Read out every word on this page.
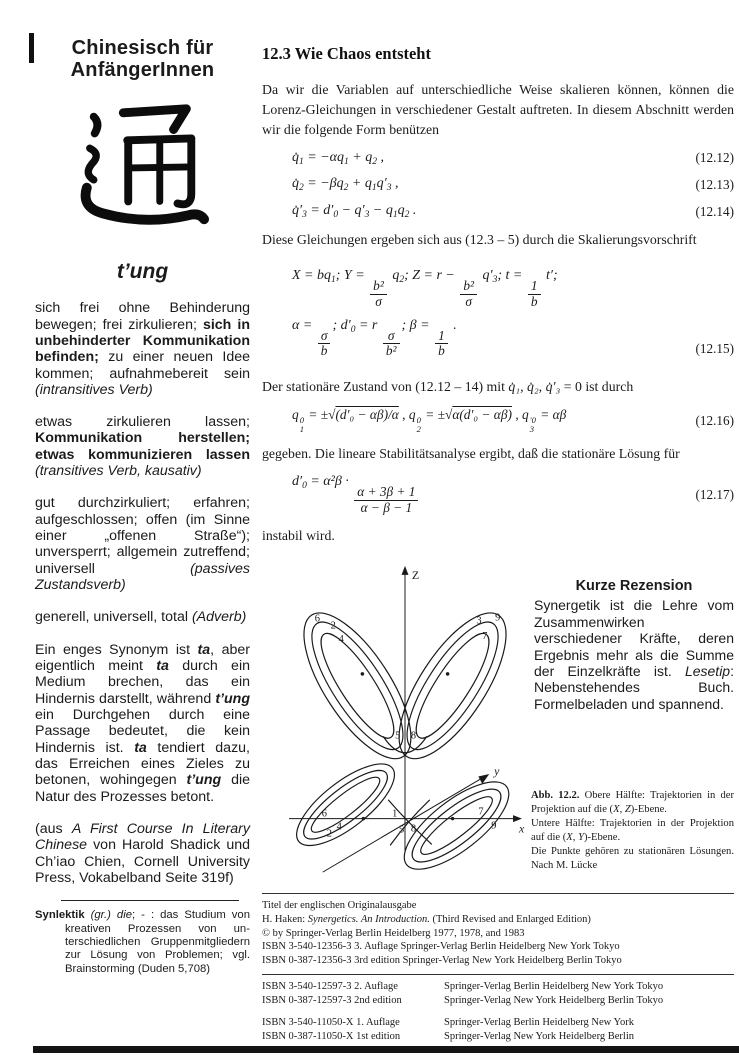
Chinesisch für
AnfängerInnen
t’ung
sich frei ohne Behinderung bewegen; frei zirkulieren; sich in unbehinderter Kommunikation befinden; zu einer neuen Idee kommen; aufnahmebereit sein (intransitives Verb)
etwas zirkulieren lassen; Kommunikation herstellen; etwas kommunizieren lassen (transitives Verb, kausativ)
gut durchzirkuliert; erfahren; aufgeschlossen; offen (im Sinne einer „offenen Straße“); unversperrt; allgemein zutreffend; universell (passives Zustandsverb)
generell, universell, total (Adverb)
Ein enges Synonym ist ta, aber eigentlich meint ta durch ein Medium brechen, das ein Hindernis darstellt, während t’ung ein Durchgehen durch eine Passage bedeutet, die kein Hindernis ist. ta tendiert dazu, das Erreichen eines Zieles zu betonen, wohingegen t’ung die Natur des Prozesses betont.
(aus A First Course In Literary Chinese von Harold Shadick und Ch’iao Chien, Cornell University Press, Vokabelband Seite 319f)
Synlektik (gr.) die; - : das Studium von kreativen Prozessen von unterschiedlichen Gruppenmitgliedern zur Lösung von Problemen; vgl. Brainstorming (Duden 5,708)
12.3 Wie Chaos entsteht
Da wir die Variablen auf unterschiedliche Weise skalieren können, können die Lorenz-Gleichungen in verschiedener Gestalt auftreten. In diesem Abschnitt werden wir die folgende Form benützen
$q̇_1 = -\alpha q_1 + q_2$ ,	(12.12)
$q̇_2 = -\beta q_2 + q_1q'_3$ ,	(12.13)
$q̇'_3 = d'_0 - q'_3 - q_1q_2$ .	(12.14)
Diese Gleichungen ergeben sich aus (12.3 – 5) durch die Skalierungsvorschrift
$X = bq_1$; Y =
$\frac{\text{b²}}{\sigma}$
$q_2$; Z = r −
$\frac{\text{b²}}{\sigma}$
$q'_3$; t =
$\frac{1}{b}$
t′;
α =
$\frac{\sigma}{b}$
; $d'_0 = r$
$\frac{\sigma}{\text{b²}}$
; β =
$\frac{1}{b}$
.
(12.15)
Der stationäre Zustand von (12.12 – 14) mit q̇₁, q̇₂, q̇′₃ = 0 ist durch
q 0
1
= ±√(d′₀ − αβ)/α , q 0
2
= ±√α(d′₀ − αβ) , q ′0
3
= αβ	(12.16)
gegeben. Die lineare Stabilitätsanalyse ergibt, daß die stationäre Lösung für
$d'_0 = \alpha^2\beta$ ·
$\frac{\alpha + 3\beta + 1}{\alpha - \beta - 1}$	(12.17)
instabil wird.
Z
6
2
4
3 9
7
5 8
x
y
6
2
4
1
5 8
7
9
Kurze Rezension
Synergetik ist die Lehre vom Zusammenwirken verschiedener Kräfte, deren Ergebnis mehr als die Summe der Einzelkräfte ist. Lesetip: Nebenstehendes Buch. Formelbeladen und spannend.
Abb. 12.2. Obere Hälfte: Trajektorien in der Projektion auf die (X, Z)-Ebene.
Untere Hälfte: Trajektorien in der Projektion auf die (X, Y)-Ebene.
Die Punkte gehören zu stationären Lösungen. Nach M. Lücke
Titel der englischen Originalausgabe
H. Haken: Synergetics. An Introduction. (Third Revised and Enlarged Edition)
© by Springer-Verlag Berlin Heidelberg 1977, 1978, and 1983
ISBN 3-540-12356-3 3. Auflage Springer-Verlag Berlin Heidelberg New York Tokyo
ISBN 0-387-12356-3 3rd edition Springer-Verlag New York Heidelberg Berlin Tokyo
ISBN 3-540-12597-3 2. Auflage	Springer-Verlag Berlin Heidelberg New York Tokyo
ISBN 0-387-12597-3 2nd edition	Springer-Verlag New York Heidelberg Berlin Tokyo
ISBN 3-540-11050-X 1. Auflage	Springer-Verlag Berlin Heidelberg New York
ISBN 0-387-11050-X 1st edition	Springer-Verlag New York Heidelberg Berlin
